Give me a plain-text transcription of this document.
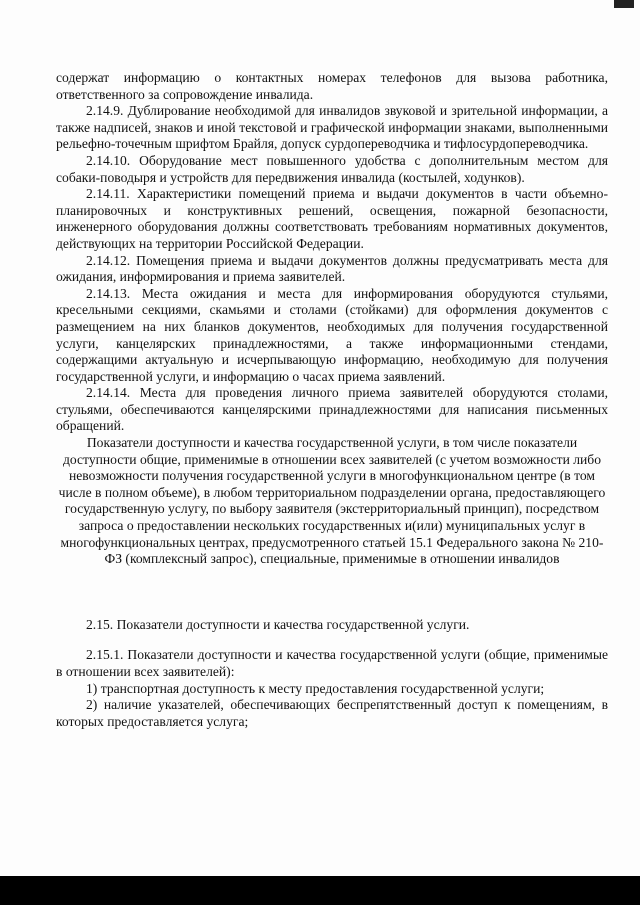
содержат информацию о контактных номерах телефонов для вызова работника, ответственного за сопровождение инвалида.

2.14.9. Дублирование необходимой для инвалидов звуковой и зрительной информации, а также надписей, знаков и иной текстовой и графической информации знаками, выполненными рельефно-точечным шрифтом Брайля, допуск сурдопереводчика и тифлосурдопереводчика.

2.14.10. Оборудование мест повышенного удобства с дополнительным местом для собаки-поводыря и устройств для передвижения инвалида (костылей, ходунков).

2.14.11. Характеристики помещений приема и выдачи документов в части объемно-планировочных и конструктивных решений, освещения, пожарной безопасности, инженерного оборудования должны соответствовать требованиям нормативных документов, действующих на территории Российской Федерации.

2.14.12. Помещения приема и выдачи документов должны предусматривать места для ожидания, информирования и приема заявителей.

2.14.13. Места ожидания и места для информирования оборудуются стульями, кресельными секциями, скамьями и столами (стойками) для оформления документов с размещением на них бланков документов, необходимых для получения государственной услуги, канцелярских принадлежностями, а также информационными стендами, содержащими актуальную и исчерпывающую информацию, необходимую для получения государственной услуги, и информацию о часах приема заявлений.

2.14.14. Места для проведения личного приема заявителей оборудуются столами, стульями, обеспечиваются канцелярскими принадлежностями для написания письменных обращений.

Показатели доступности и качества государственной услуги, в том числе показатели доступности общие, применимые в отношении всех заявителей (с учетом возможности либо невозможности получения государственной услуги в многофункциональном центре (в том числе в полном объеме), в любом территориальном подразделении органа, предоставляющего государственную услугу, по выбору заявителя (экстерриториальный принцип), посредством запроса о предоставлении нескольких государственных и(или) муниципальных услуг в многофункциональных центрах, предусмотренного статьей 15.1 Федерального закона № 210-ФЗ (комплексный запрос), специальные, применимые в отношении инвалидов

2.15. Показатели доступности и качества государственной услуги.

2.15.1. Показатели доступности и качества государственной услуги (общие, применимые в отношении всех заявителей):

1) транспортная доступность к месту предоставления государственной услуги;

2) наличие указателей, обеспечивающих беспрепятственный доступ к помещениям, в которых предоставляется услуга;
